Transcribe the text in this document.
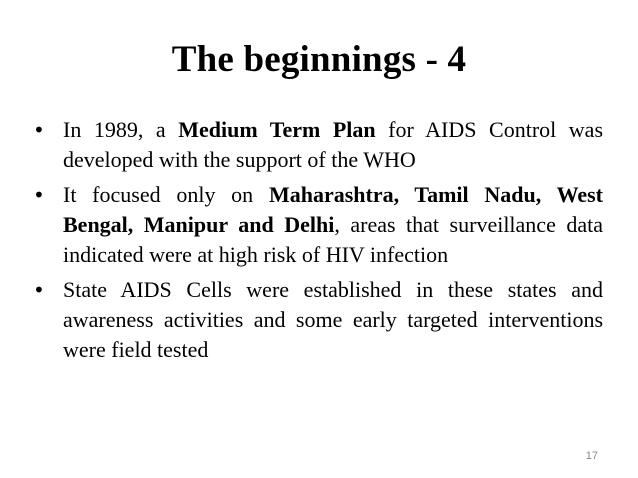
The beginnings - 4
• In 1989, a Medium Term Plan for AIDS Control was developed with the support of the WHO
• It focused only on Maharashtra, Tamil Nadu, West Bengal, Manipur and Delhi, areas that surveillance data indicated were at high risk of HIV infection
• State AIDS Cells were established in these states and awareness activities and some early targeted interventions were field tested
17
